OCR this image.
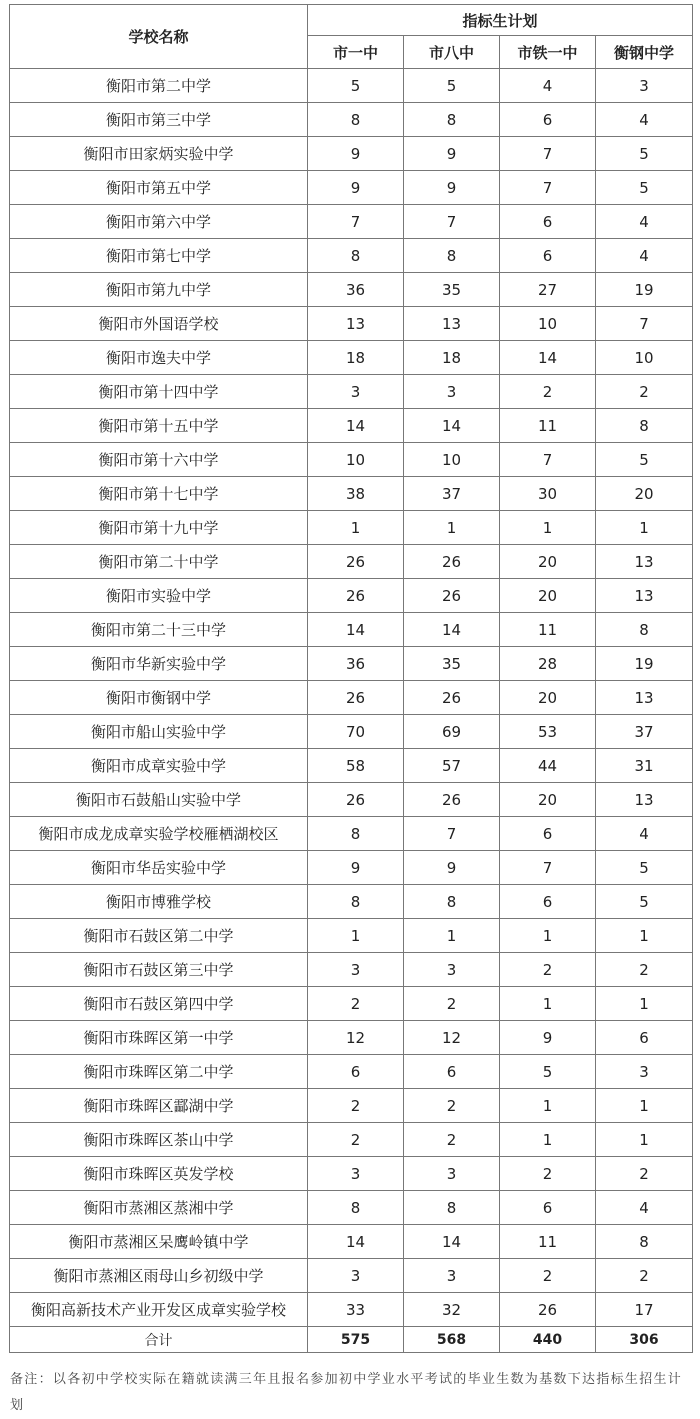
学校名称	指标生计划			
	市一中	市八中	市铁一中	衡钢中学
衡阳市第二中学	5	5	4	3
衡阳市第三中学	8	8	6	4
衡阳市田家炳实验中学	9	9	7	5
衡阳市第五中学	9	9	7	5
衡阳市第六中学	7	7	6	4
衡阳市第七中学	8	8	6	4
衡阳市第九中学	36	35	27	19
衡阳市外国语学校	13	13	10	7
衡阳市逸夫中学	18	18	14	10
衡阳市第十四中学	3	3	2	2
衡阳市第十五中学	14	14	11	8
衡阳市第十六中学	10	10	7	5
衡阳市第十七中学	38	37	30	20
衡阳市第十九中学	1	1	1	1
衡阳市第二十中学	26	26	20	13
衡阳市实验中学	26	26	20	13
衡阳市第二十三中学	14	14	11	8
衡阳市华新实验中学	36	35	28	19
衡阳市衡钢中学	26	26	20	13
衡阳市船山实验中学	70	69	53	37
衡阳市成章实验中学	58	57	44	31
衡阳市石鼓船山实验中学	26	26	20	13
衡阳市成龙成章实验学校雁栖湖校区	8	7	6	4
衡阳市华岳实验中学	9	9	7	5
衡阳市博雅学校	8	8	6	5
衡阳市石鼓区第二中学	1	1	1	1
衡阳市石鼓区第三中学	3	3	2	2
衡阳市石鼓区第四中学	2	2	1	1
衡阳市珠晖区第一中学	12	12	9	6
衡阳市珠晖区第二中学	6	6	5	3
衡阳市珠晖区酃湖中学	2	2	1	1
衡阳市珠晖区茶山中学	2	2	1	1
衡阳市珠晖区英发学校	3	3	2	2
衡阳市蒸湘区蒸湘中学	8	8	6	4
衡阳市蒸湘区呆鹰岭镇中学	14	14	11	8
衡阳市蒸湘区雨母山乡初级中学	3	3	2	2
衡阳高新技术产业开发区成章实验学校	33	32	26	17
合计	575	568	440	306
备注：以各初中学校实际在籍就读满三年且报名参加初中学业水平考试的毕业生数为基数下达指标生招生计划
